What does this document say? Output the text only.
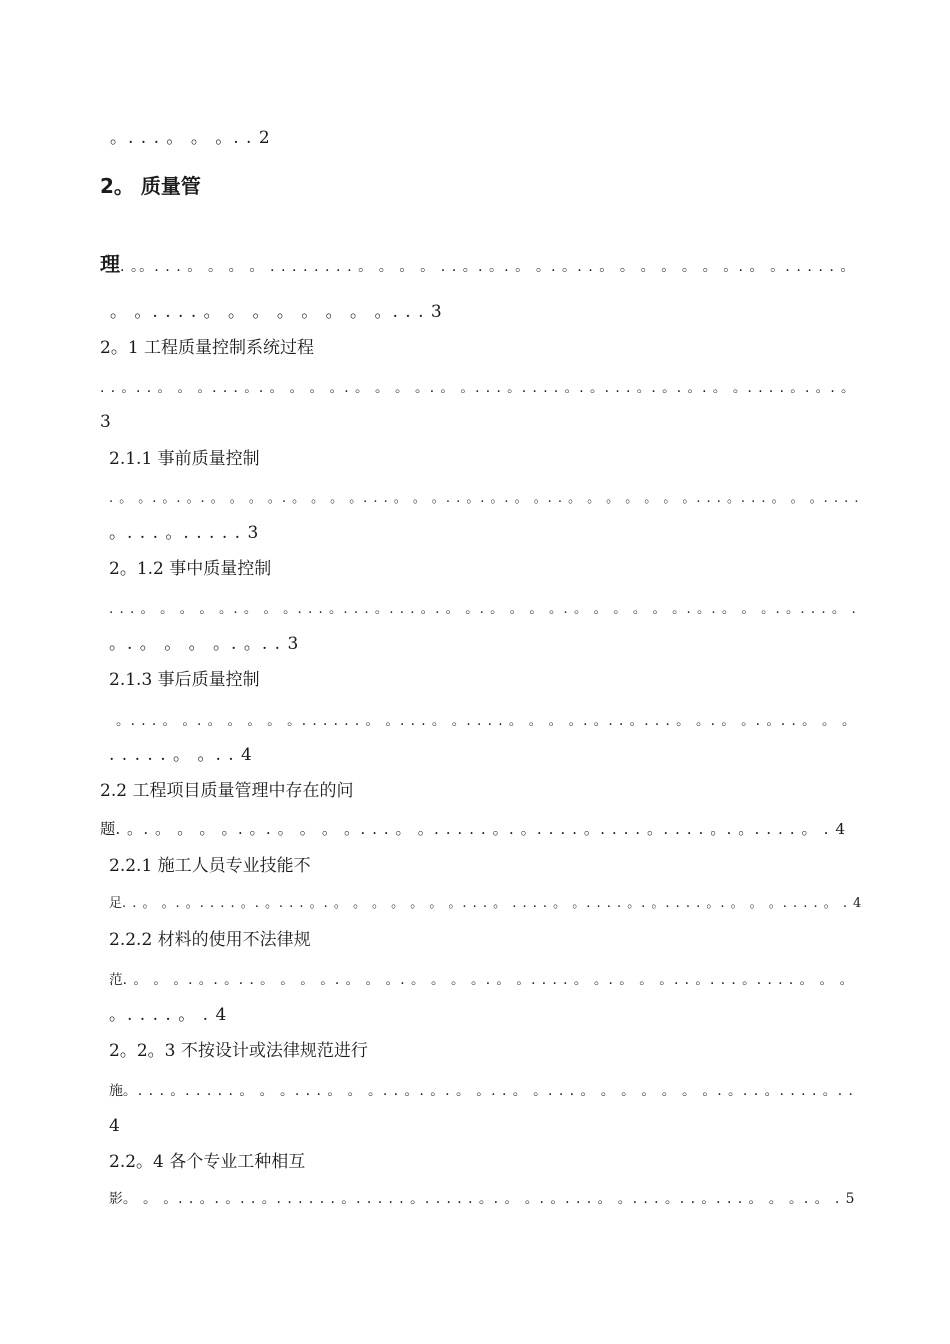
。. . . 。 。 。. . 2
2。 质量管
理. 。。. . . 。 。 。 。 . . . . . . . . 。 。 。 。 . . 。. 。. 。 。. 。. . 。 。 。 。 。 。 。. 。 。. . . . . 。
。 。. . . . 。 。 。 。 。 。 。 。. . . 3
2。1 工程质量控制系统过程
. . 。. . 。 。 。. . . 。. 。 。 。 。. 。 。 。 。. 。 。. . . 。. . . . 。. 。. . . 。. 。. 。. 。 。. . . . 。. 。. 。
3
2.1.1 事前质量控制
. 。 。. 。. 。. 。 。 。 。. 。 。 。 。. . . 。 。 。. . 。. 。. 。 。. . 。 。 。 。 。 。 。. . . 。. . . 。 。 。. . . .
。. . . 。. . . . . 3
2。1.2 事中质量控制
. . . 。 。 。 。 。. 。 。 。. . . 。. . . 。. . . 。. 。 。. 。 。 。 。. 。 。 。 。 。 。. 。. 。 。 。. 。. . . 。 .
。. 。 。 。 。. 。. . 3
2.1.3 事后质量控制
。. . . 。 。. 。 。 。 。 。. . . . . . 。 。. . . 。 。. . . . 。 。 。 。. 。. . 。. . . 。 。. 。 。. 。. . 。 。 。
. . . . . 。 。. . 4
2.2 工程项目质量管理中存在的问
题. 。. 。 。 。 。. 。. 。 。 。 。. . . 。 。. . . . . 。. 。. . . . 。. . . . 。. . . . 。. 。. . . . 。 . 4
2.2.1 施工人员专业技能不
足. . 。 。. 。. . . . 。. 。. . . 。. 。 。 。 。 。 。 。. . . 。 . . . . 。 。. . . . 。. 。. . . . 。. 。 。 。. . . . 。 . 4
2.2.2 材料的使用不法律规
范. 。 。 。. 。. 。. . 。 。 。 。. 。 。 。. 。 。 。 。. 。 。. . . . 。 。. 。 。 。. . 。. . . 。. . . . 。 。 。
。. . . . 。 . 4
2。2。3 不按设计或法律规范进行
施。. . . 。. . . . . 。 。 。. . . 。 。 。. . 。. 。. 。 。. . 。 。. . . 。 。 。 。 。 。 。. 。. . 。. . . . 。. .
4
2.2。4 各个专业工种相互
影。 。 。. . 。. 。. . 。. . . . . . 。. . . . . 。. . . . . 。. 。 。. 。. . . 。 。. . . 。. . 。. . . 。 。 。. 。 . 5
